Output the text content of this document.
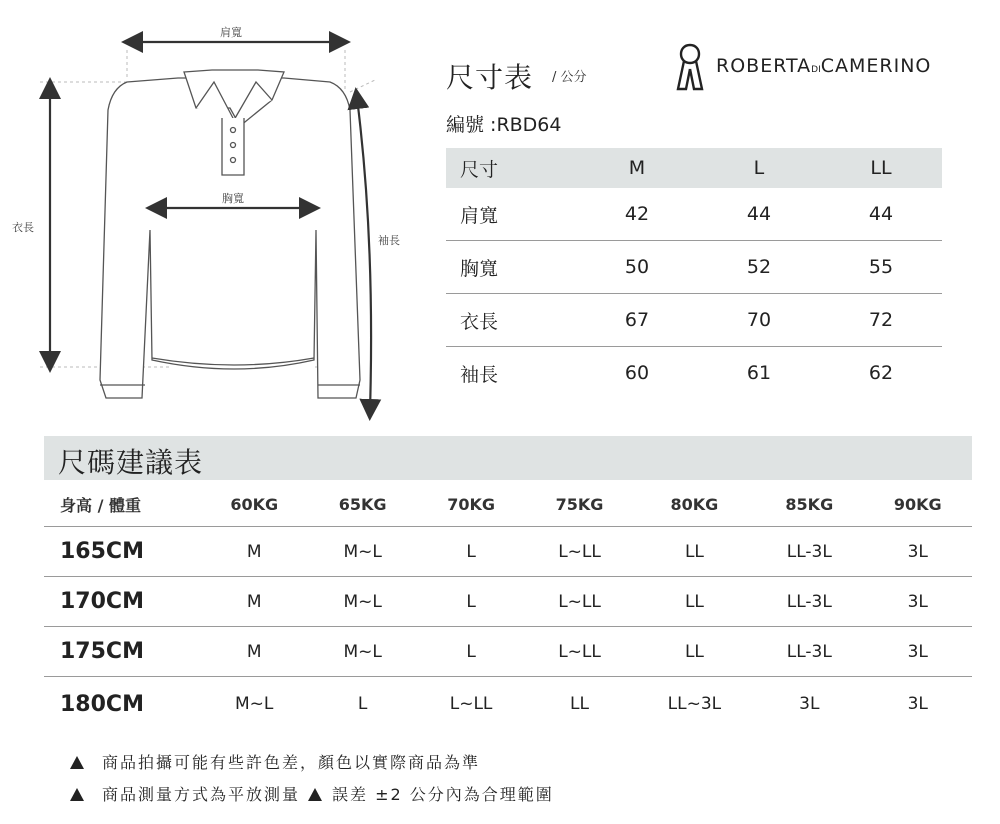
肩寬
胸寬
衣長
袖長
尺寸表 / 公分
編號 :RBD64
ROBERTA DI CAMERINO
尺寸	M	L	LL
肩寬	42	44	44
胸寬	50	52	55
衣長	67	70	72
袖長	60	61	62
尺碼建議表
身高 / 體重	60KG	65KG	70KG	75KG	80KG	85KG	90KG
165CM	M	M~L	L	L~LL	LL	LL-3L	3L
170CM	M	M~L	L	L~LL	LL	LL-3L	3L
175CM	M	M~L	L	L~LL	LL	LL-3L	3L
180CM	M~L	L	L~LL	LL	LL~3L	3L	3L
商品拍攝可能有些許色差，顏色以實際商品為準
商品測量方式為平放測量 誤差 ±2 公分內為合理範圍
